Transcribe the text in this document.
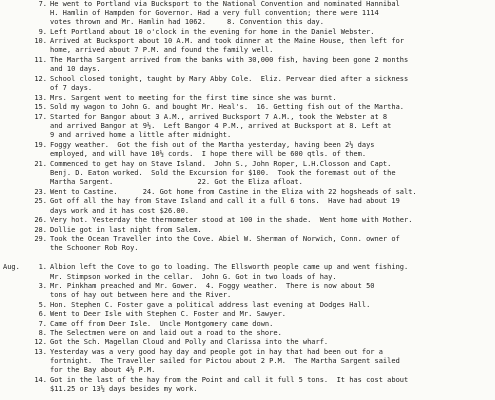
7. He went to Portland via Bucksport to the National Convention and nominated Hannibal
H. Hamlin of Hampden for Governor. Had a very full convention; there were 1114
votes thrown and Mr. Hamlin had 1062.     8. Convention this day.
9. Left Portland about 10 o'clock in the evening for home in the Daniel Webster.
10. Arrived at Bucksport about 10 A.M. and took dinner at the Maine House, then left for
home, arrived about 7 P.M. and found the family well.
11. The Martha Sargent arrived from the banks with 30,000 fish, having been gone 2 months
and 10 days.
12. School closed tonight, taught by Mary Abby Cole.  Eliz. Pervear died after a sickness
of 7 days.
13. Mrs. Sargent went to meeting for the first time since she was burnt.
15. Sold my wagon to John G. and bought Mr. Heal's.  16. Getting fish out of the Martha.
17. Started for Bangor about 3 A.M., arrived Bucksport 7 A.M., took the Webster at 8
and arrived Bangor at 9½.  Left Bangor 4 P.M., arrived at Bucksport at 8. Left at
9 and arrived home a little after midnight.
19. Foggy weather.  Got the fish out of the Martha yesterday, having been 2½ days
employed, and will have 10½ cords.  I hope there will be 600 qtls. of them.
21. Commenced to get hay on Stave Island.  John S., John Roper, L.H.Closson and Capt.
Benj. D. Eaton worked.  Sold the Excursion for $100.  Took the foremast out of the
Martha Sargent.                    22. Got the Eliza afloat.
23. Went to Castine.      24. Got home from Castine in the Eliza with 22 hogsheads of salt.
25. Got off all the hay from Stave Island and call it a full 6 tons.  Have had about 19
days work and it has cost $26.00.
26. Very hot. Yesterday the thermometer stood at 100 in the shade.  Went home with Mother.
28. Dollie got in last night from Salem.
29. Took the Ocean Traveller into the Cove. Abiel W. Sherman of Norwich, Conn. owner of
the Schooner Rob Roy.
Aug.	1. Albion left the Cove to go to loading. The Ellsworth people came up and went fishing.
Mr. Stimpson worked in the cellar.  John G. Got in two loads of hay.
3. Mr. Pinkham preached and Mr. Gower.  4. Foggy weather.  There is now about 50
tons of hay out between here and the River.
5. Hon. Stephen C. Foster gave a political address last evening at Dodges Hall.
6. Went to Deer Isle with Stephen C. Foster and Mr. Sawyer.
7. Came off from Deer Isle.  Uncle Montgomery came down.
8. The Selectmen were on and laid out a road to the shore.
12. Got the Sch. Magellan Cloud and Polly and Clarissa into the wharf.
13. Yesterday was a very good hay day and people got in hay that had been out for a
fortnight.  The Traveller sailed for Pictou about 2 P.M.  The Martha Sargent sailed
for the Bay about 4½ P.M.
14. Got in the last of the hay from the Point and call it full 5 tons.  It has cost about
$11.25 or 13½ days besides my work.
